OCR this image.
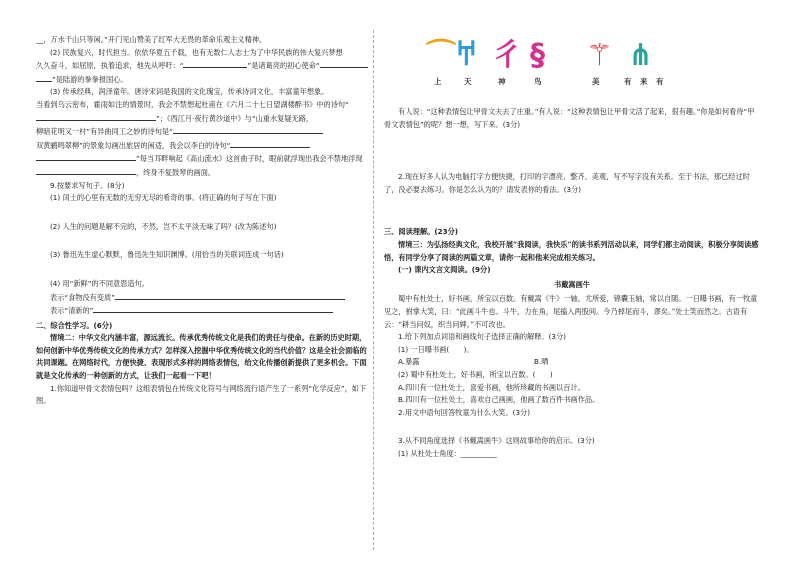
__，万水千山只等闲。”开门见山赞美了红军大无畏的革命乐观主义精神。

(2) 民族复兴，时代担当。依依华夏五千载，也有无数仁人志士为了中华民族的伟大复兴梦想

久久奋斗，如屈原，执着追求，他先从呼吁：“	”是诸葛亮的初心使命“

”是陆游的拳拳报国心。

(3) 传承经典，润泽童年。唐诗宋词是我国的文化瑰宝，传承诗词文化，丰富童年想象。

当看到乌云密布，霍雨如注的情景时，我会不禁想起杜甫在《六月二十七日望湖楼醉书》中的诗句“

”；《西江月·夜行黄沙道中》与“山重水复疑无路，

柳暗花明又一村”有异曲同工之妙的诗句是“

双黄鹂鸣翠柳”的景象勾画出旅居的闲适，我会以李白的诗句“

”每当耳畔响起《高山流水》这首曲子时，眼前就浮现出我会不禁地浮现

，终身不复鼓琴的画面。

9.按要求写句子。(8分)

(1) 闰土的心里有无数的无穷无尽的希奇的事。(将正确的句子写在下面)

(2) 人生的问题是解不完的，不然，岂不太平淡无味了吗？(改为陈述句)

(3) 鲁迅先生虚心默默，鲁迅先生知识渊博。(用恰当的关联词连成一句话)

(4) 用“新鲜”的不同意思造句。

表示“食物没有变质”

表示“清新的”

二、综合性学习。(6分)

情境二：中华文化内涵丰富，源远流长。传承优秀传统文化是我们的责任与使命。在新的历史时期，如何创新中华优秀传统文化的传承方式？怎样深入挖掘中华优秀传统文化的当代价值？这是全社会面临的共同课题。在网络时代，方便快捷、表现形式多样的网络表情包，给文化传播创新提供了更多机会。下面就是文化传承的一种创新的方式，让我们一起看一下吧！

1.你知道甲骨文表情包吗？这组表情包在传统文化符号与网络流行语产生了一系列“化学反应”，如下图。

⌒ 𐀀 彳 § ⚚ ⋔
上	天	神	鸟	美	有 来 有

有人说：“这种表情包让甲骨文夫去了庄重。”有人说：“这种表情包让甲骨文活了起来，很有趣。”你是如何看待“甲骨文表情包”的呢？想一想，写下来。(3分)

2.现在好多人认为电脑打字方便快捷，打印的字漂亮、整齐、美观，写不写字没有关系。至于书法，那已经过时了，没必要去练习。你是怎么认为的？请发表你的看法。(3分)

三、阅读理解。(23分)

情境三：为弘扬经典文化，我校开展“我阅读，我快乐”的读书系列活动以来，同学们都主动阅读，积极分享阅读感悟，有同学分享了阅读的两篇文章，请你一起和他来完成相关练习。

(一) 课内文言文阅读。(9分)

书戴嵩画牛

蜀中有杜处士，好书画，所宝以百数。有戴嵩《牛》一轴，尤所爱，锦囊玉轴，常以自随。一日曝书画，有一牧童见之，拊掌大笑，曰：“此画斗牛也。斗牛，力在角，尾搐入两股间。今乃掉尾而斗，谬矣。”处士笑而然之。古语有云：“耕当问奴，织当问婢。”不可改也。

1.给下列加点词语和画线句子选择正确的解释。(3分)

(1) 一日曝书画(　　)。

A.暴露	B.晒

(2) 蜀中有杜处士，好书画，所宝以百数。(　　)

A.四川有一位杜处士，喜爱书画，他所珍藏的书画以百计。

B.四川有一位杜处士，喜欢自己画画，他画了数百件书画作品。

2.用文中语句回答牧童为什么大笑。(3分)

3.从不同角度选择《书戴嵩画牛》这则故事给你的启示。(3分)

(1) 从杜处士角度：__________
